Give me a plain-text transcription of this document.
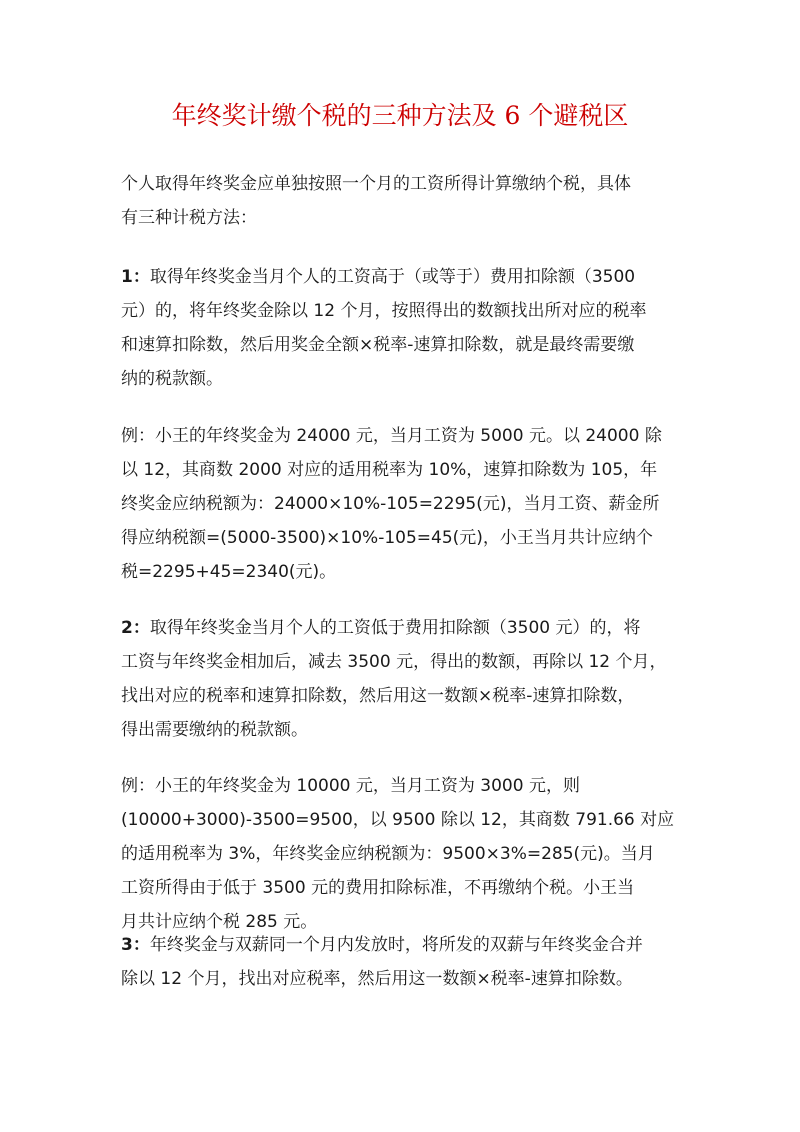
年终奖计缴个税的三种方法及 6 个避税区

个人取得年终奖金应单独按照一个月的工资所得计算缴纳个税，具体
有三种计税方法：

1：取得年终奖金当月个人的工资高于（或等于）费用扣除额（3500
元）的，将年终奖金除以 12 个月，按照得出的数额找出所对应的税率
和速算扣除数，然后用奖金全额×税率-速算扣除数，就是最终需要缴
纳的税款额。

例：小王的年终奖金为 24000 元，当月工资为 5000 元。以 24000 除
以 12，其商数 2000 对应的适用税率为 10%，速算扣除数为 105，年
终奖金应纳税额为：24000×10%-105=2295(元)，当月工资、薪金所
得应纳税额=(5000-3500)×10%-105=45(元)，小王当月共计应纳个
税=2295+45=2340(元)。

2：取得年终奖金当月个人的工资低于费用扣除额（3500 元）的，将
工资与年终奖金相加后，减去 3500 元，得出的数额，再除以 12 个月，
找出对应的税率和速算扣除数，然后用这一数额×税率-速算扣除数，
得出需要缴纳的税款额。

例：小王的年终奖金为 10000 元，当月工资为 3000 元，则
(10000+3000)-3500=9500，以 9500 除以 12，其商数 791.66 对应
的适用税率为 3%，年终奖金应纳税额为：9500×3%=285(元)。当月
工资所得由于低于 3500 元的费用扣除标准，不再缴纳个税。小王当
月共计应纳个税 285 元。

3：年终奖金与双薪同一个月内发放时，将所发的双薪与年终奖金合并
除以 12 个月，找出对应税率，然后用这一数额×税率-速算扣除数。
